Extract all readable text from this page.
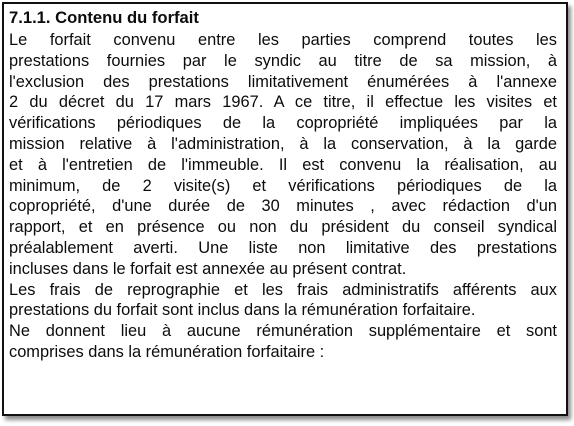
7.1.1. Contenu du forfait
Le forfait convenu entre les parties comprend toutes les
prestations fournies par le syndic au titre de sa mission, à
l'exclusion des prestations limitativement énumérées à l'annexe
2 du décret du 17 mars 1967. A ce titre, il effectue les visites et
vérifications périodiques de la copropriété impliquées par la
mission relative à l'administration, à la conservation, à la garde
et à l'entretien de l'immeuble. Il est convenu la réalisation, au
minimum, de 2 visite(s) et vérifications périodiques de la
copropriété, d'une durée de 30 minutes , avec rédaction d'un
rapport, et en présence ou non du président du conseil syndical
préalablement averti. Une liste non limitative des prestations
incluses dans le forfait est annexée au présent contrat.
Les frais de reprographie et les frais administratifs afférents aux
prestations du forfait sont inclus dans la rémunération forfaitaire.
Ne donnent lieu à aucune rémunération supplémentaire et sont
comprises dans la rémunération forfaitaire :
